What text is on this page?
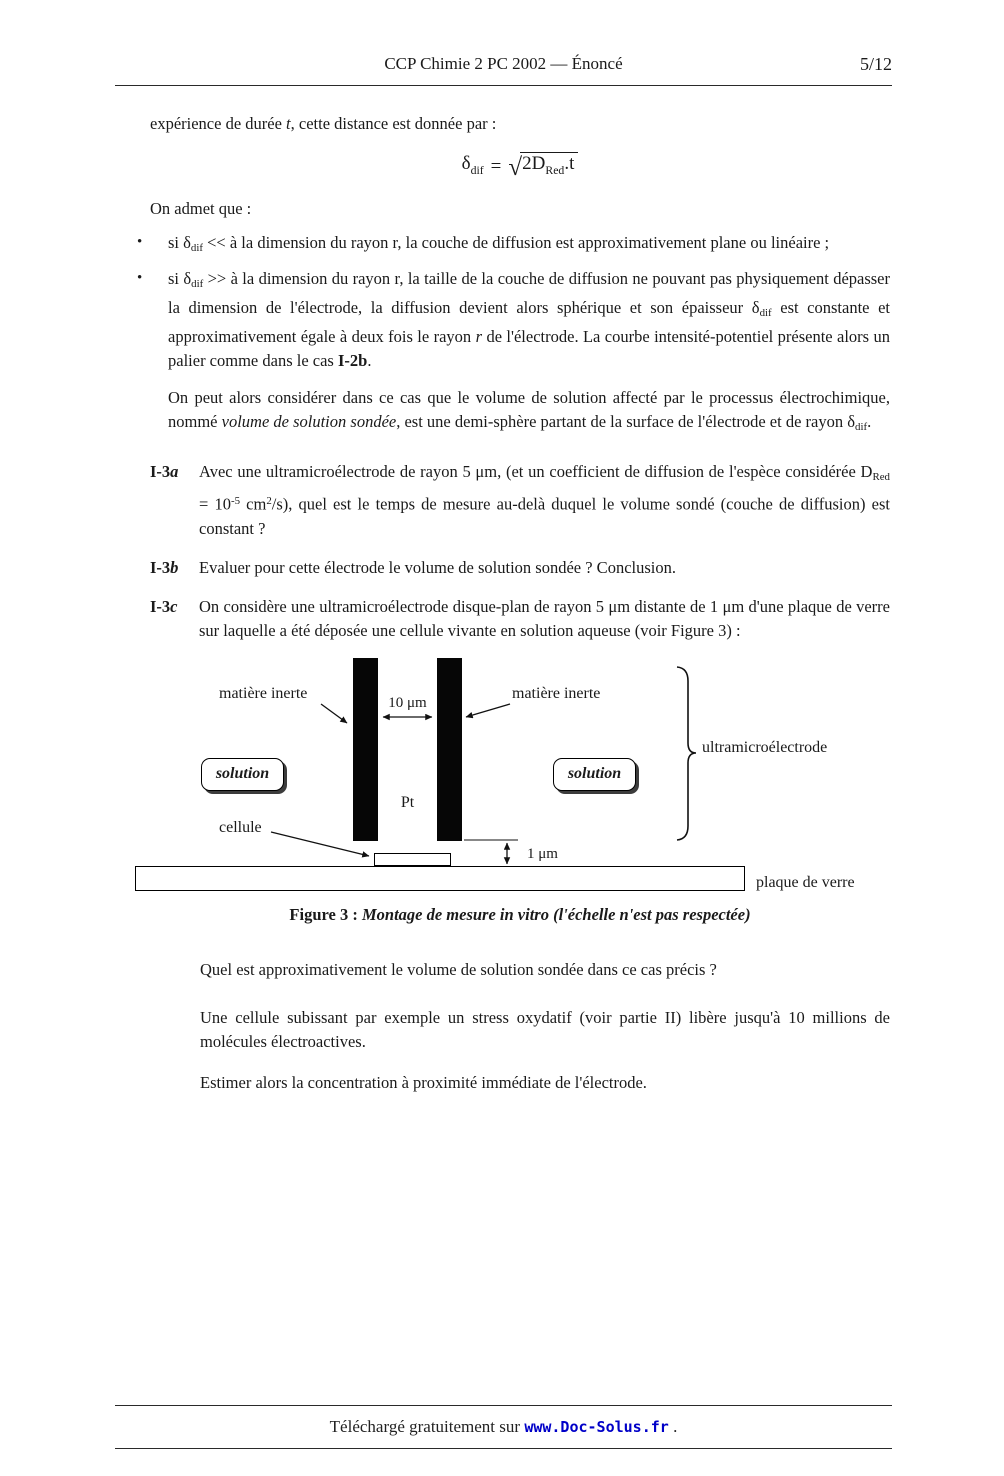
CCP Chimie 2 PC 2002 — Énoncé	5/12

expérience de durée t, cette distance est donnée par :

$\delta_{dif}$ = √ $2D_{Red}.t$

On admet que :

• si δdif << à la dimension du rayon r, la couche de diffusion est approximativement plane ou linéaire ;

• si δdif >> à la dimension du rayon r, la taille de la couche de diffusion ne pouvant pas physiquement dépasser la dimension de l'électrode, la diffusion devient alors sphérique et son épaisseur δdif est constante et approximativement égale à deux fois le rayon r de l'électrode. La courbe intensité-potentiel présente alors un palier comme dans le cas I-2b.

On peut alors considérer dans ce cas que le volume de solution affecté par le processus électrochimique, nommé volume de solution sondée, est une demi-sphère partant de la surface de l'électrode et de rayon δdif.

I-3a	Avec une ultramicroélectrode de rayon 5 μm, (et un coefficient de diffusion de l'espèce considérée DRed = $10^{-5}$ $cm^2/s$), quel est le temps de mesure au-delà duquel le volume sondé (couche de diffusion) est constant ?

I-3b	Evaluer pour cette électrode le volume de solution sondée ? Conclusion.

I-3c	On considère une ultramicroélectrode disque-plan de rayon 5 μm distante de 1 μm d'une plaque de verre sur laquelle a été déposée une cellule vivante en solution aqueuse (voir Figure 3) :

matière inerte	matière inerte
10 μm
solution	solution
Pt
cellule
1 μm
ultramicroélectrode
plaque de verre

Figure 3 : Montage de mesure in vitro (l'échelle n'est pas respectée)

Quel est approximativement le volume de solution sondée dans ce cas précis ?

Une cellule subissant par exemple un stress oxydatif (voir partie II) libère jusqu'à 10 millions de molécules électroactives.

Estimer alors la concentration à proximité immédiate de l'électrode.

Téléchargé gratuitement sur www.Doc-Solus.fr .
